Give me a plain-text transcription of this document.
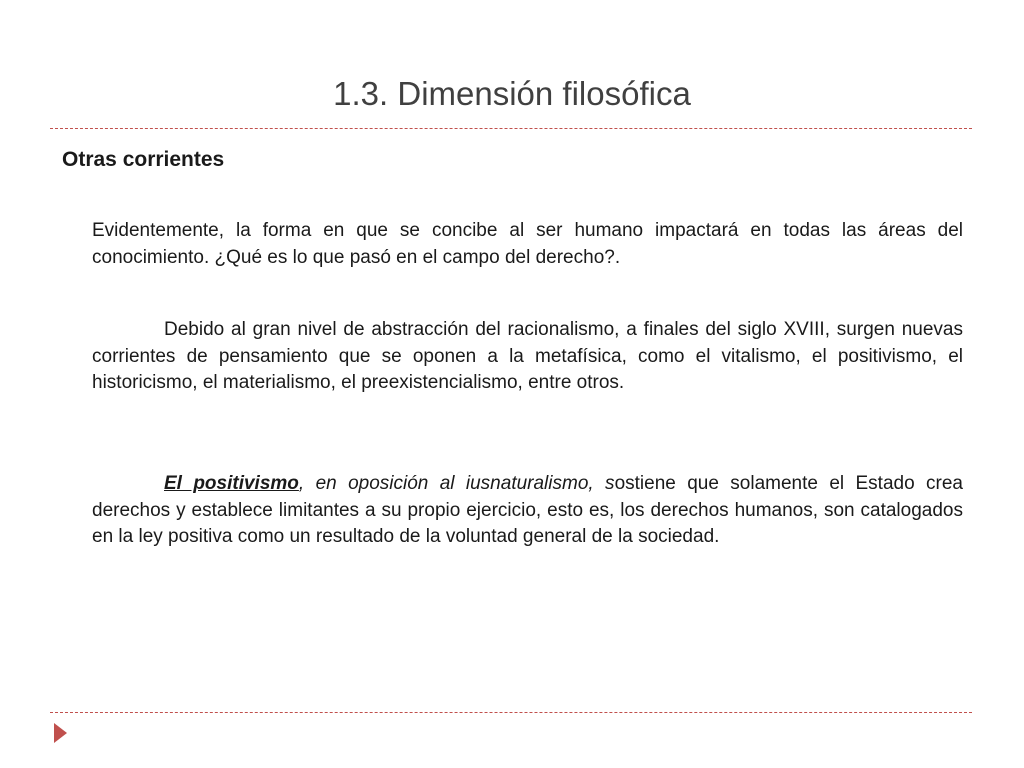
1.3. Dimensión filosófica
Otras corrientes
Evidentemente, la forma en que se concibe al ser humano impactará en todas las áreas del conocimiento. ¿Qué es lo que pasó en el campo del derecho?.
Debido al gran nivel de abstracción del racionalismo, a finales del siglo XVIII, surgen nuevas corrientes de pensamiento que se oponen a la metafísica, como el vitalismo, el positivismo, el historicismo, el materialismo, el preexistencialismo, entre otros.
El positivismo, en oposición al iusnaturalismo, sostiene que solamente el Estado crea derechos y establece limitantes a su propio ejercicio, esto es, los derechos humanos, son catalogados en la ley positiva como un resultado de la voluntad general de la sociedad.
